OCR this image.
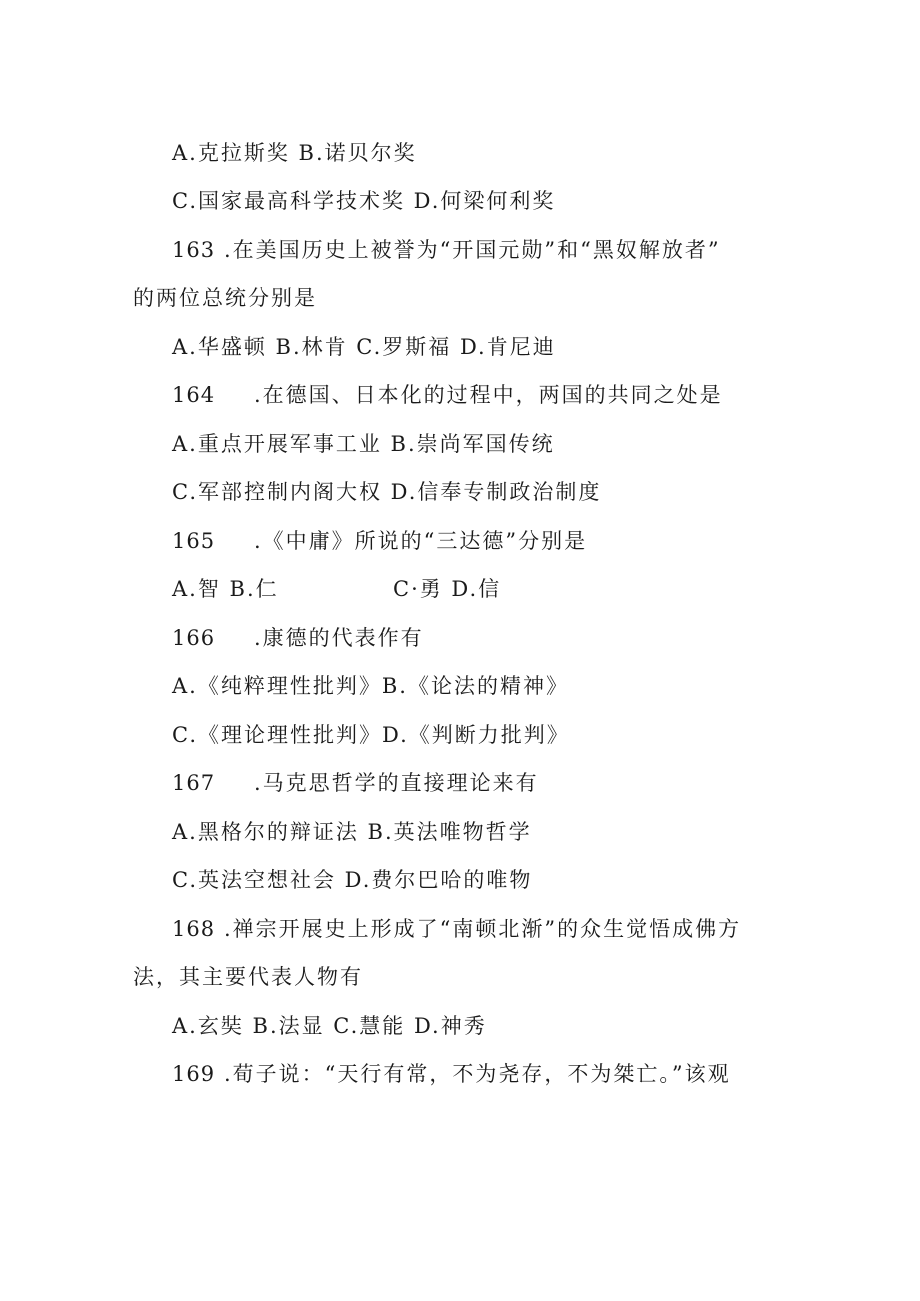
A.克拉斯奖 B.诺贝尔奖
C.国家最高科学技术奖 D.何梁何利奖
163 .在美国历史上被誉为“开国元勋”和“黑奴解放者”
的两位总统分别是
A.华盛顿 B.林肯 C.罗斯福 D.肯尼迪
164 .在德国、日本化的过程中，两国的共同之处是
A.重点开展军事工业 B.崇尚军国传统
C.军部控制内阁大权 D.信奉专制政治制度
165 .《中庸》所说的“三达德”分别是
A.智 B.仁	C·勇 D.信
166 .康德的代表作有
A.《纯粹理性批判》B.《论法的精神》
C.《理论理性批判》D.《判断力批判》
167 .马克思哲学的直接理论来有
A.黑格尔的辩证法 B.英法唯物哲学
C.英法空想社会 D.费尔巴哈的唯物
168 .禅宗开展史上形成了“南顿北渐”的众生觉悟成佛方
法，其主要代表人物有
A.玄奘 B.法显 C.慧能 D.神秀
169 .荀子说：“天行有常，不为尧存，不为桀亡。”该观
